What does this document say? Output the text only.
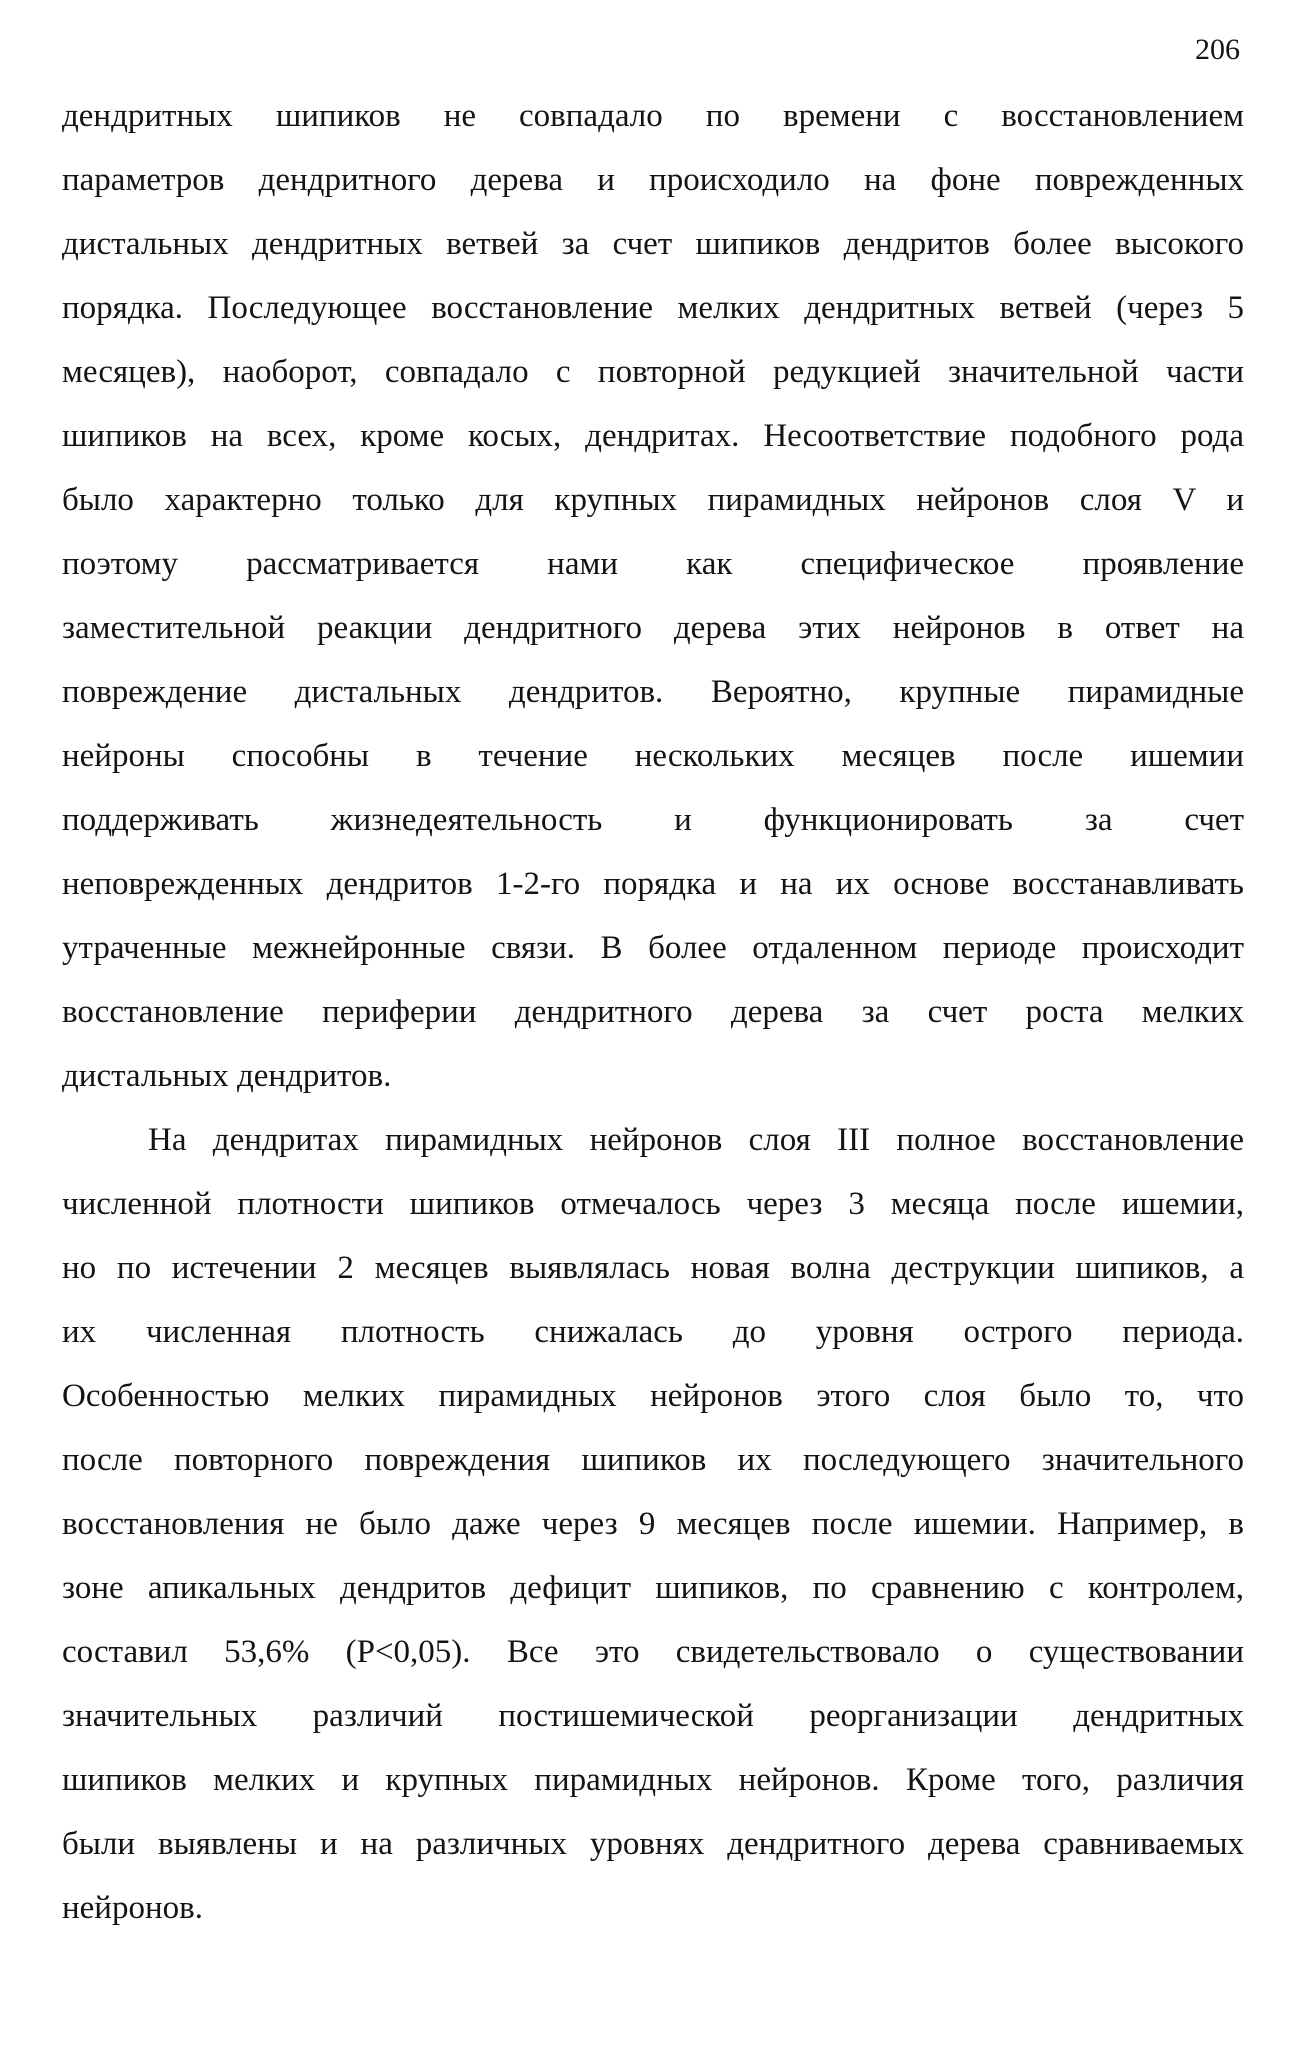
206
дендритных шипиков не совпадало по времени с восстановлением
параметров дендритного дерева и происходило на фоне поврежденных
дистальных дендритных ветвей за счет шипиков дендритов более высокого
порядка. Последующее восстановление мелких дендритных ветвей (через 5
месяцев), наоборот, совпадало с повторной редукцией значительной части
шипиков на всех, кроме косых, дендритах. Несоответствие подобного рода
было характерно только для крупных пирамидных нейронов слоя V и
поэтому рассматривается нами как специфическое проявление
заместительной реакции дендритного дерева этих нейронов в ответ на
повреждение дистальных дендритов. Вероятно, крупные пирамидные
нейроны способны в течение нескольких месяцев после ишемии
поддерживать жизнедеятельность и функционировать за счет
неповрежденных дендритов 1-2-го порядка и на их основе восстанавливать
утраченные межнейронные связи. В более отдаленном периоде происходит
восстановление периферии дендритного дерева за счет роста мелких
дистальных дендритов.
На дендритах пирамидных нейронов слоя III полное восстановление
численной плотности шипиков отмечалось через 3 месяца после ишемии,
но по истечении 2 месяцев выявлялась новая волна деструкции шипиков, а
их численная плотность снижалась до уровня острого периода.
Особенностью мелких пирамидных нейронов этого слоя было то, что
после повторного повреждения шипиков их последующего значительного
восстановления не было даже через 9 месяцев после ишемии. Например, в
зоне апикальных дендритов дефицит шипиков, по сравнению с контролем,
составил 53,6% (P<0,05). Все это свидетельствовало о существовании
значительных различий постишемической реорганизации дендритных
шипиков мелких и крупных пирамидных нейронов. Кроме того, различия
были выявлены и на различных уровнях дендритного дерева сравниваемых
нейронов.
